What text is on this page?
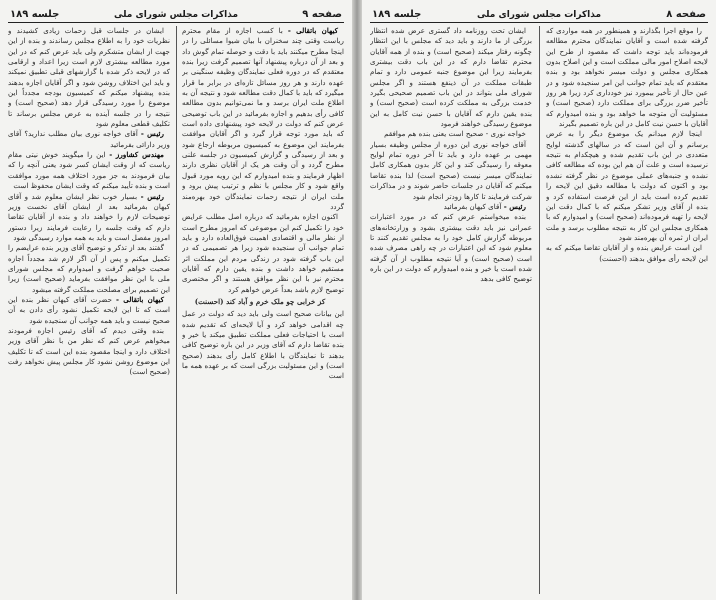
صفحه ۹
مذاکرات مجلس شورای ملی
جلسه ۱۸۹

کیهان باتقالی - با کسب اجازه از مقام محترم ریاست وقتی چند سخنران با بیان شیوا مسائلی را در اینجا مطرح میکنند باید با دقت و حوصله تمام گوش داد و بعد از آن درباره پیشنهاد آنها تصمیم گرفت زیرا بنده معتقدم که در دوره فعلی نمایندگان وظیفه سنگینی بر عهده دارند و هر روز مسائل تازه‌ای در برابر ما قرار میگیرد که باید با کمال دقت مطالعه شود و نتیجه آن به اطلاع ملت ایران برسد و ما نمی‌توانیم بدون مطالعه کافی رأی بدهیم و اجازه بفرمائید در این باب توضیحی عرض کنم که دولت در لایحه خود پیشنهادی داده است که باید مورد توجه قرار گیرد و اگر آقایان موافقت بفرمایند این موضوع به کمیسیون مربوطه ارجاع شود و بعد از رسیدگی و گزارش کمیسیون در جلسه علنی مطرح گردد و آن وقت هر یک از آقایان نظری دارند اظهار فرمایند و بنده امیدوارم که این رویه مورد قبول واقع شود و کار مجلس با نظم و ترتیب پیش برود و ملت ایران از نتیجه زحمات نمایندگان خود بهره‌مند گردد

اکنون اجازه بفرمائید که درباره اصل مطلب عرایض خود را تکمیل کنم این موضوعی که امروز مطرح است از نظر مالی و اقتصادی اهمیت فوق‌العاده دارد و باید تمام جوانب آن سنجیده شود زیرا هر تصمیمی که در این باب گرفته شود در زندگی مردم این مملکت اثر مستقیم خواهد داشت و بنده یقین دارم که آقایان محترم نیز با این نظر موافق هستند و اگر مختصری توضیح لازم باشد بعداً عرض خواهم کرد

کز خرابی چو ملک خرم و آباد کند (احسنت)
این بیانات صحیح است ولی باید دید که دولت در عمل چه اقدامی خواهد کرد و آیا لایحه‌ای که تقدیم شده است با احتیاجات فعلی مملکت تطبیق میکند یا خیر و بنده تقاضا دارم که آقای وزیر در این باره توضیح کافی بدهند تا نمایندگان با اطلاع کامل رأی بدهند (صحیح است) و این مسئولیت بزرگی است که بر عهده همه ما است

ایشان در جلسات قبل زحمات زیادی کشیدند و نظریات خود را به اطلاع مجلس رساندند و بنده از این جهت از ایشان متشکرم ولی باید عرض کنم که در این مورد مطالعه بیشتری لازم است زیرا اعداد و ارقامی که در لایحه ذکر شده با گزارشهای قبلی تطبیق نمیکند و باید این اختلاف روشن شود و اگر آقایان اجازه بدهند بنده پیشنهاد میکنم که کمیسیون بودجه مجدداً این موضوع را مورد رسیدگی قرار دهد (صحیح است) و نتیجه را در جلسه آینده به عرض مجلس برساند تا تکلیف قطعی معلوم شود

رئیس - آقای خواجه نوری بیان مطلب ندارید؟ آقای وزیر دارائی بفرمائید

مهندس کشاورز - این را میگویند خوش نیتی مقام ریاست که از وقت ایشان کسر شود یعنی آنچه را که بیان فرمودند به جز مورد اختلاف همه مورد موافقت است و بنده تأیید میکنم که وقت ایشان محفوظ است

رئیس - بسیار خوب نظر ایشان معلوم شد و آقای کیهان بفرمائید بعد از ایشان آقای نخست وزیر توضیحات لازم را خواهند داد و بنده از آقایان تقاضا دارم که وقت جلسه را رعایت فرمایند زیرا دستور امروز مفصل است و باید به همه موارد رسیدگی شود

گفتند بعد از تذکر و توضیح آقای وزیر بنده عرایضم را تکمیل میکنم و پس از آن اگر لازم شد مجدداً اجازه صحبت خواهم گرفت و امیدوارم که مجلس شورای ملی با این نظر موافقت بفرماید (صحیح است) زیرا این تصمیم برای مصلحت مملکت گرفته میشود

کیهان باتقالی - حضرت آقای کیهان نظر بنده این است که تا این لایحه تکمیل نشود رأی دادن به آن صحیح نیست و باید همه جوانب آن سنجیده شود

بنده وقتی دیدم که آقای رئیس اجازه فرمودند میخواهم عرض کنم که نظر من با نظر آقای وزیر اختلاف دارد و اینجا مقصود بنده این است که تا تکلیف این موضوع روشن نشود کار مجلس پیش نخواهد رفت (صحیح است)

صفحه ۸
مذاکرات مجلس شورای ملی
جلسه ۱۸۹

را موقع اجرا بگذارند و همینطور در همه مواردی که گرفته شده است و آقایان نمایندگان محترم مطالعه فرموده‌اند باید توجه داشت که مقصود از طرح این لایحه اصلاح امور مالی مملکت است و این اصلاح بدون همکاری مجلس و دولت میسر نخواهد بود و بنده معتقدم که باید تمام جوانب این امر سنجیده شود و در عین حال از تأخیر بیمورد نیز خودداری کرد زیرا هر روز تأخیر ضرر بزرگی برای مملکت دارد (صحیح است) و مسئولیت آن متوجه ما خواهد بود و بنده امیدوارم که آقایان با حسن نیت کامل در این باره تصمیم بگیرند

اینجا لازم میدانم یک موضوع دیگر را به عرض برسانم و آن این است که در سالهای گذشته لوایح متعددی در این باب تقدیم شده و هیچکدام به نتیجه نرسیده است و علت آن هم این بوده که مطالعه کافی نشده و جنبه‌های عملی موضوع در نظر گرفته نشده بود و اکنون که دولت با مطالعه دقیق این لایحه را تقدیم کرده است باید از این فرصت استفاده کرد و بنده از آقای وزیر تشکر میکنم که با کمال دقت این لایحه را تهیه فرموده‌اند (صحیح است) و امیدوارم که با همکاری مجلس این کار به نتیجه مطلوب برسد و ملت ایران از ثمره آن بهره‌مند شود

این است عرایض بنده و از آقایان تقاضا میکنم که به این لایحه رأی موافق بدهند (احسنت)

ایشان تحت روزنامه داد گستری عرض شده انتظار بزرگی از ما دارند و باید دید که مجلس با این انتظار چگونه رفتار میکند (صحیح است) و بنده از همه آقایان محترم تقاضا دارم که در این باب دقت بیشتری بفرمایند زیرا این موضوع جنبه عمومی دارد و تمام طبقات مملکت در آن ذینفع هستند و اگر مجلس شورای ملی بتواند در این باب تصمیم صحیحی بگیرد خدمت بزرگی به مملکت کرده است (صحیح است) و بنده یقین دارم که آقایان با حسن نیت کامل به این موضوع رسیدگی خواهند فرمود

خواجه نوری - صحیح است یعنی بنده هم موافقم

آقای خواجه نوری این دوره از مجلس وظیفه بسیار مهمی بر عهده دارد و باید تا آخر دوره تمام لوایح معوقه را رسیدگی کند و این کار بدون همکاری کامل نمایندگان میسر نیست (صحیح است) لذا بنده تقاضا میکنم که آقایان در جلسات حاضر شوند و در مذاکرات شرکت فرمایند تا کارها زودتر انجام شود

رئیس - آقای کیهان بفرمائید

بنده میخواستم عرض کنم که در مورد اعتبارات عمرانی نیز باید دقت بیشتری بشود و وزارتخانه‌های مربوطه گزارش کامل خود را به مجلس تقدیم کنند تا معلوم شود که این اعتبارات در چه راهی مصرف شده است (صحیح است) و آیا نتیجه مطلوب از آن گرفته شده است یا خیر و بنده امیدوارم که دولت در این باره توضیح کافی بدهد
